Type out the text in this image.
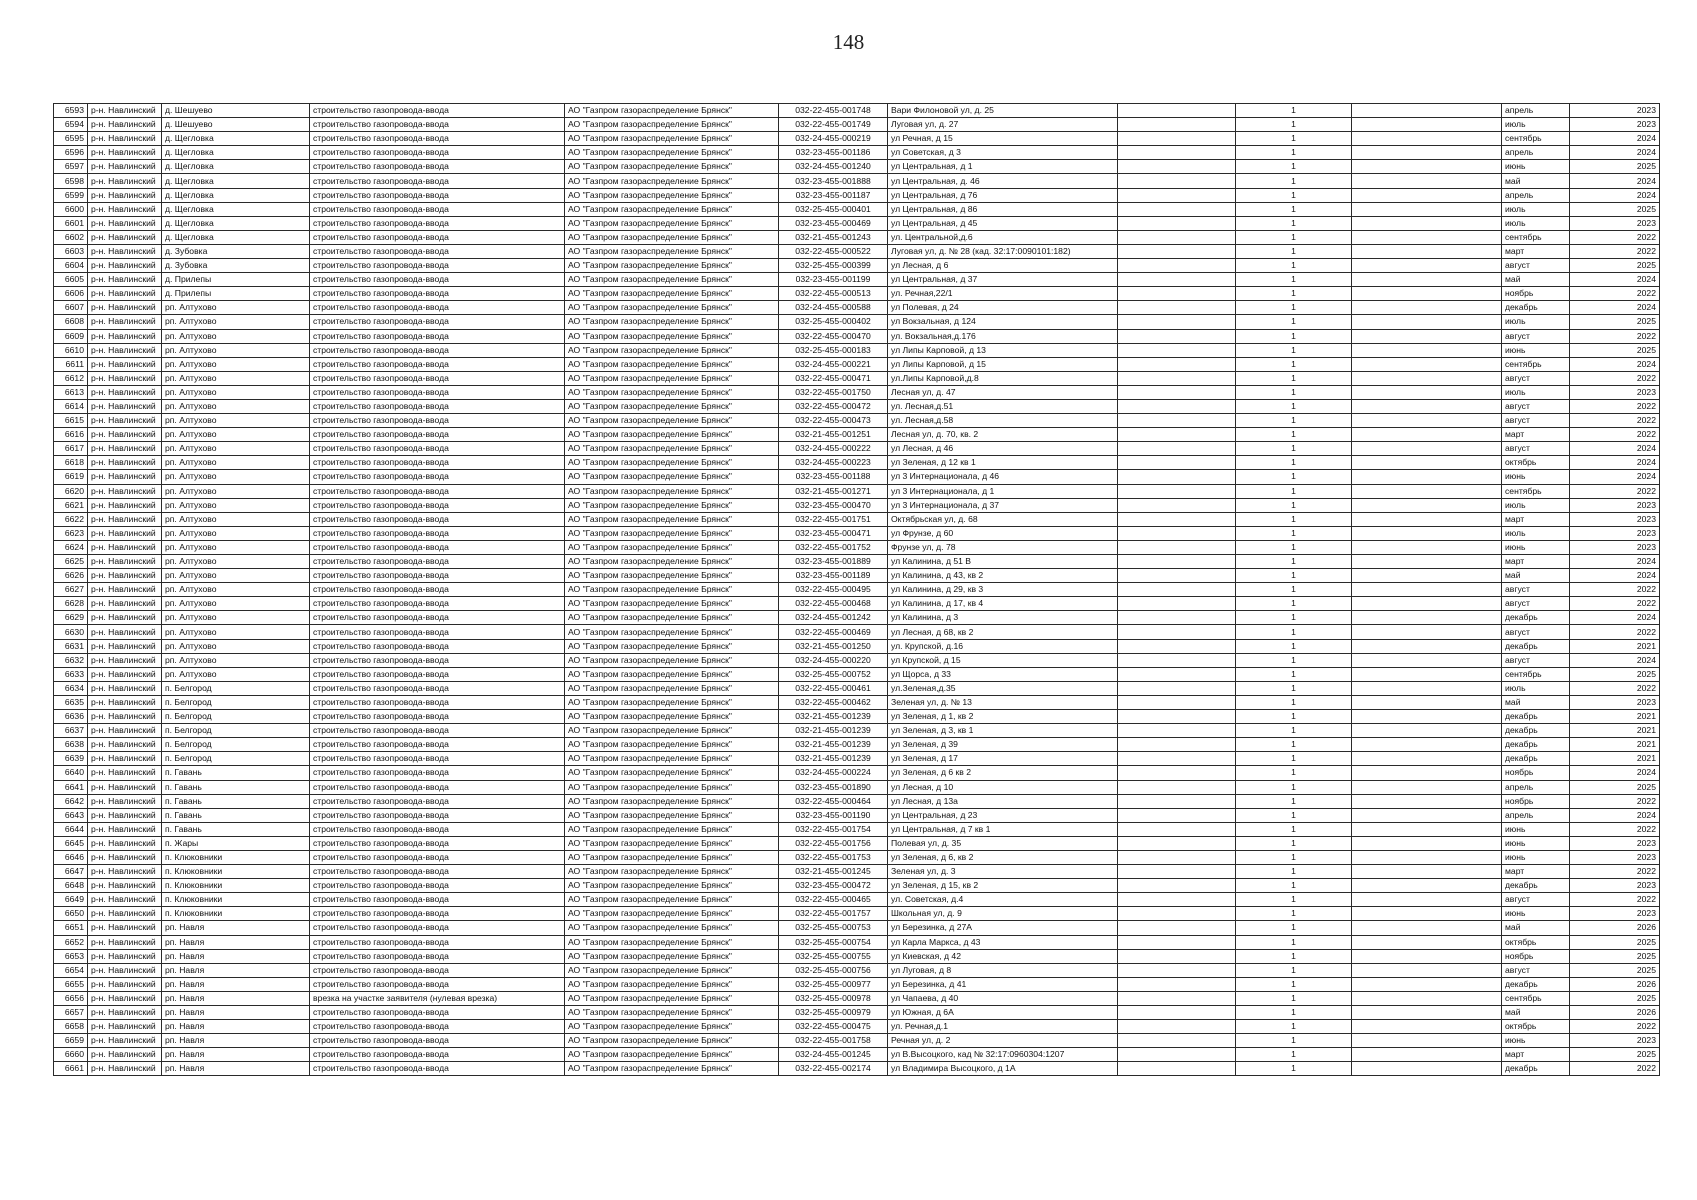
148
6593	р-н. Навлинский	д. Шешуево	строительство газопровода-ввода	АО "Газпром газораспределение Брянск"	032-22-455-001748	Вари Филоновой ул, д. 25		1		апрель	2023
6594	р-н. Навлинский	д. Шешуево	строительство газопровода-ввода	АО "Газпром газораспределение Брянск"	032-22-455-001749	Луговая ул, д. 27		1		июль	2023
6595	р-н. Навлинский	д. Щегловка	строительство газопровода-ввода	АО "Газпром газораспределение Брянск"	032-24-455-000219	ул Речная, д 15		1		сентябрь	2024
6596	р-н. Навлинский	д. Щегловка	строительство газопровода-ввода	АО "Газпром газораспределение Брянск"	032-23-455-001186	ул Советская, д 3		1		апрель	2024
6597	р-н. Навлинский	д. Щегловка	строительство газопровода-ввода	АО "Газпром газораспределение Брянск"	032-24-455-001240	ул Центральная, д 1		1		июнь	2025
6598	р-н. Навлинский	д. Щегловка	строительство газопровода-ввода	АО "Газпром газораспределение Брянск"	032-23-455-001888	ул Центральная, д. 46		1		май	2024
6599	р-н. Навлинский	д. Щегловка	строительство газопровода-ввода	АО "Газпром газораспределение Брянск"	032-23-455-001187	ул Центральная, д 76		1		апрель	2024
6600	р-н. Навлинский	д. Щегловка	строительство газопровода-ввода	АО "Газпром газораспределение Брянск"	032-25-455-000401	ул Центральная, д 86		1		июль	2025
6601	р-н. Навлинский	д. Щегловка	строительство газопровода-ввода	АО "Газпром газораспределение Брянск"	032-23-455-000469	ул Центральная, д 45		1		июль	2023
6602	р-н. Навлинский	д. Щегловка	строительство газопровода-ввода	АО "Газпром газораспределение Брянск"	032-21-455-001243	ул. Центральной,д.6		1		сентябрь	2022
6603	р-н. Навлинский	д. Зубовка	строительство газопровода-ввода	АО "Газпром газораспределение Брянск"	032-22-455-000522	Луговая ул, д. № 28 (кад. 32:17:0090101:182)		1		март	2022
6604	р-н. Навлинский	д. Зубовка	строительство газопровода-ввода	АО "Газпром газораспределение Брянск"	032-25-455-000399	ул Лесная, д 6		1		август	2025
6605	р-н. Навлинский	д. Прилепы	строительство газопровода-ввода	АО "Газпром газораспределение Брянск"	032-23-455-001199	ул Центральная, д 37		1		май	2024
6606	р-н. Навлинский	д. Прилепы	строительство газопровода-ввода	АО "Газпром газораспределение Брянск"	032-22-455-000513	ул. Речная,22/1		1		ноябрь	2022
6607	р-н. Навлинский	рп. Алтухово	строительство газопровода-ввода	АО "Газпром газораспределение Брянск"	032-24-455-000588	ул Полевая, д 24		1		декабрь	2024
6608	р-н. Навлинский	рп. Алтухово	строительство газопровода-ввода	АО "Газпром газораспределение Брянск"	032-25-455-000402	ул Вокзальная, д 124		1		июль	2025
6609	р-н. Навлинский	рп. Алтухово	строительство газопровода-ввода	АО "Газпром газораспределение Брянск"	032-22-455-000470	ул. Вокзальная,д.176		1		август	2022
6610	р-н. Навлинский	рп. Алтухово	строительство газопровода-ввода	АО "Газпром газораспределение Брянск"	032-25-455-000183	ул Липы Карповой, д 13		1		июнь	2025
6611	р-н. Навлинский	рп. Алтухово	строительство газопровода-ввода	АО "Газпром газораспределение Брянск"	032-24-455-000221	ул Липы Карповой, д 15		1		сентябрь	2024
6612	р-н. Навлинский	рп. Алтухово	строительство газопровода-ввода	АО "Газпром газораспределение Брянск"	032-22-455-000471	ул.Липы Карповой,д.8		1		август	2022
6613	р-н. Навлинский	рп. Алтухово	строительство газопровода-ввода	АО "Газпром газораспределение Брянск"	032-22-455-001750	Лесная ул, д. 47		1		июль	2023
6614	р-н. Навлинский	рп. Алтухово	строительство газопровода-ввода	АО "Газпром газораспределение Брянск"	032-22-455-000472	ул. Лесная,д.51		1		август	2022
6615	р-н. Навлинский	рп. Алтухово	строительство газопровода-ввода	АО "Газпром газораспределение Брянск"	032-22-455-000473	ул. Лесная,д.58		1		август	2022
6616	р-н. Навлинский	рп. Алтухово	строительство газопровода-ввода	АО "Газпром газораспределение Брянск"	032-21-455-001251	Лесная ул, д. 70, кв. 2		1		март	2022
6617	р-н. Навлинский	рп. Алтухово	строительство газопровода-ввода	АО "Газпром газораспределение Брянск"	032-24-455-000222	ул Лесная, д 46		1		август	2024
6618	р-н. Навлинский	рп. Алтухово	строительство газопровода-ввода	АО "Газпром газораспределение Брянск"	032-24-455-000223	ул Зеленая, д 12 кв 1		1		октябрь	2024
6619	р-н. Навлинский	рп. Алтухово	строительство газопровода-ввода	АО "Газпром газораспределение Брянск"	032-23-455-001188	ул 3 Интернационала, д 46		1		июнь	2024
6620	р-н. Навлинский	рп. Алтухово	строительство газопровода-ввода	АО "Газпром газораспределение Брянск"	032-21-455-001271	ул 3 Интернационала, д 1		1		сентябрь	2022
6621	р-н. Навлинский	рп. Алтухово	строительство газопровода-ввода	АО "Газпром газораспределение Брянск"	032-23-455-000470	ул 3 Интернационала, д 37		1		июль	2023
6622	р-н. Навлинский	рп. Алтухово	строительство газопровода-ввода	АО "Газпром газораспределение Брянск"	032-22-455-001751	Октябрьская ул, д. 68		1		март	2023
6623	р-н. Навлинский	рп. Алтухово	строительство газопровода-ввода	АО "Газпром газораспределение Брянск"	032-23-455-000471	ул Фрунзе, д 60		1		июль	2023
6624	р-н. Навлинский	рп. Алтухово	строительство газопровода-ввода	АО "Газпром газораспределение Брянск"	032-22-455-001752	Фрунзе ул, д. 78		1		июнь	2023
6625	р-н. Навлинский	рп. Алтухово	строительство газопровода-ввода	АО "Газпром газораспределение Брянск"	032-23-455-001889	ул Калинина, д 51 В		1		март	2024
6626	р-н. Навлинский	рп. Алтухово	строительство газопровода-ввода	АО "Газпром газораспределение Брянск"	032-23-455-001189	ул Калинина, д 43, кв 2		1		май	2024
6627	р-н. Навлинский	рп. Алтухово	строительство газопровода-ввода	АО "Газпром газораспределение Брянск"	032-22-455-000495	ул Калинина, д 29, кв 3		1		август	2022
6628	р-н. Навлинский	рп. Алтухово	строительство газопровода-ввода	АО "Газпром газораспределение Брянск"	032-22-455-000468	ул Калинина, д 17, кв 4		1		август	2022
6629	р-н. Навлинский	рп. Алтухово	строительство газопровода-ввода	АО "Газпром газораспределение Брянск"	032-24-455-001242	ул Калинина, д 3		1		декабрь	2024
6630	р-н. Навлинский	рп. Алтухово	строительство газопровода-ввода	АО "Газпром газораспределение Брянск"	032-22-455-000469	ул Лесная, д 68, кв 2		1		август	2022
6631	р-н. Навлинский	рп. Алтухово	строительство газопровода-ввода	АО "Газпром газораспределение Брянск"	032-21-455-001250	ул. Крупской, д.16		1		декабрь	2021
6632	р-н. Навлинский	рп. Алтухово	строительство газопровода-ввода	АО "Газпром газораспределение Брянск"	032-24-455-000220	ул Крупской, д 15		1		август	2024
6633	р-н. Навлинский	рп. Алтухово	строительство газопровода-ввода	АО "Газпром газораспределение Брянск"	032-25-455-000752	ул Щорса, д 33		1		сентябрь	2025
6634	р-н. Навлинский	п. Белгород	строительство газопровода-ввода	АО "Газпром газораспределение Брянск"	032-22-455-000461	ул.Зеленая,д.35		1		июль	2022
6635	р-н. Навлинский	п. Белгород	строительство газопровода-ввода	АО "Газпром газораспределение Брянск"	032-22-455-000462	Зеленая ул, д. № 13		1		май	2023
6636	р-н. Навлинский	п. Белгород	строительство газопровода-ввода	АО "Газпром газораспределение Брянск"	032-21-455-001239	ул Зеленая, д 1, кв 2		1		декабрь	2021
6637	р-н. Навлинский	п. Белгород	строительство газопровода-ввода	АО "Газпром газораспределение Брянск"	032-21-455-001239	ул Зеленая, д 3, кв 1		1		декабрь	2021
6638	р-н. Навлинский	п. Белгород	строительство газопровода-ввода	АО "Газпром газораспределение Брянск"	032-21-455-001239	ул Зеленая, д 39		1		декабрь	2021
6639	р-н. Навлинский	п. Белгород	строительство газопровода-ввода	АО "Газпром газораспределение Брянск"	032-21-455-001239	ул Зеленая, д 17		1		декабрь	2021
6640	р-н. Навлинский	п. Гавань	строительство газопровода-ввода	АО "Газпром газораспределение Брянск"	032-24-455-000224	ул Зеленая, д 6 кв 2		1		ноябрь	2024
6641	р-н. Навлинский	п. Гавань	строительство газопровода-ввода	АО "Газпром газораспределение Брянск"	032-23-455-001890	ул Лесная, д 10		1		апрель	2025
6642	р-н. Навлинский	п. Гавань	строительство газопровода-ввода	АО "Газпром газораспределение Брянск"	032-22-455-000464	ул Лесная, д 13а		1		ноябрь	2022
6643	р-н. Навлинский	п. Гавань	строительство газопровода-ввода	АО "Газпром газораспределение Брянск"	032-23-455-001190	ул Центральная, д 23		1		апрель	2024
6644	р-н. Навлинский	п. Гавань	строительство газопровода-ввода	АО "Газпром газораспределение Брянск"	032-22-455-001754	ул Центральная, д 7 кв 1		1		июнь	2022
6645	р-н. Навлинский	п. Жары	строительство газопровода-ввода	АО "Газпром газораспределение Брянск"	032-22-455-001756	Полевая ул, д. 35		1		июнь	2023
6646	р-н. Навлинский	п. Клюковники	строительство газопровода-ввода	АО "Газпром газораспределение Брянск"	032-22-455-001753	ул Зеленая, д 6, кв 2		1		июнь	2023
6647	р-н. Навлинский	п. Клюковники	строительство газопровода-ввода	АО "Газпром газораспределение Брянск"	032-21-455-001245	Зеленая ул, д. 3		1		март	2022
6648	р-н. Навлинский	п. Клюковники	строительство газопровода-ввода	АО "Газпром газораспределение Брянск"	032-23-455-000472	ул Зеленая, д 15, кв 2		1		декабрь	2023
6649	р-н. Навлинский	п. Клюковники	строительство газопровода-ввода	АО "Газпром газораспределение Брянск"	032-22-455-000465	ул. Советская, д.4		1		август	2022
6650	р-н. Навлинский	п. Клюковники	строительство газопровода-ввода	АО "Газпром газораспределение Брянск"	032-22-455-001757	Школьная ул, д. 9		1		июнь	2023
6651	р-н. Навлинский	рп. Навля	строительство газопровода-ввода	АО "Газпром газораспределение Брянск"	032-25-455-000753	ул Березинка, д 27А		1		май	2026
6652	р-н. Навлинский	рп. Навля	строительство газопровода-ввода	АО "Газпром газораспределение Брянск"	032-25-455-000754	ул Карла Маркса, д 43		1		октябрь	2025
6653	р-н. Навлинский	рп. Навля	строительство газопровода-ввода	АО "Газпром газораспределение Брянск"	032-25-455-000755	ул Киевская, д 42		1		ноябрь	2025
6654	р-н. Навлинский	рп. Навля	строительство газопровода-ввода	АО "Газпром газораспределение Брянск"	032-25-455-000756	ул Луговая, д 8		1		август	2025
6655	р-н. Навлинский	рп. Навля	строительство газопровода-ввода	АО "Газпром газораспределение Брянск"	032-25-455-000977	ул Березинка, д 41		1		декабрь	2026
6656	р-н. Навлинский	рп. Навля	врезка на участке заявителя (нулевая врезка)	АО "Газпром газораспределение Брянск"	032-25-455-000978	ул Чапаева, д 40		1		сентябрь	2025
6657	р-н. Навлинский	рп. Навля	строительство газопровода-ввода	АО "Газпром газораспределение Брянск"	032-25-455-000979	ул Южная, д 6А		1		май	2026
6658	р-н. Навлинский	рп. Навля	строительство газопровода-ввода	АО "Газпром газораспределение Брянск"	032-22-455-000475	ул. Речная,д.1		1		октябрь	2022
6659	р-н. Навлинский	рп. Навля	строительство газопровода-ввода	АО "Газпром газораспределение Брянск"	032-22-455-001758	Речная ул, д. 2		1		июнь	2023
6660	р-н. Навлинский	рп. Навля	строительство газопровода-ввода	АО "Газпром газораспределение Брянск"	032-24-455-001245	ул В.Высоцкого, кад № 32:17:0960304:1207		1		март	2025
6661	р-н. Навлинский	рп. Навля	строительство газопровода-ввода	АО "Газпром газораспределение Брянск"	032-22-455-002174	ул Владимира Высоцкого, д 1А		1		декабрь	2022
